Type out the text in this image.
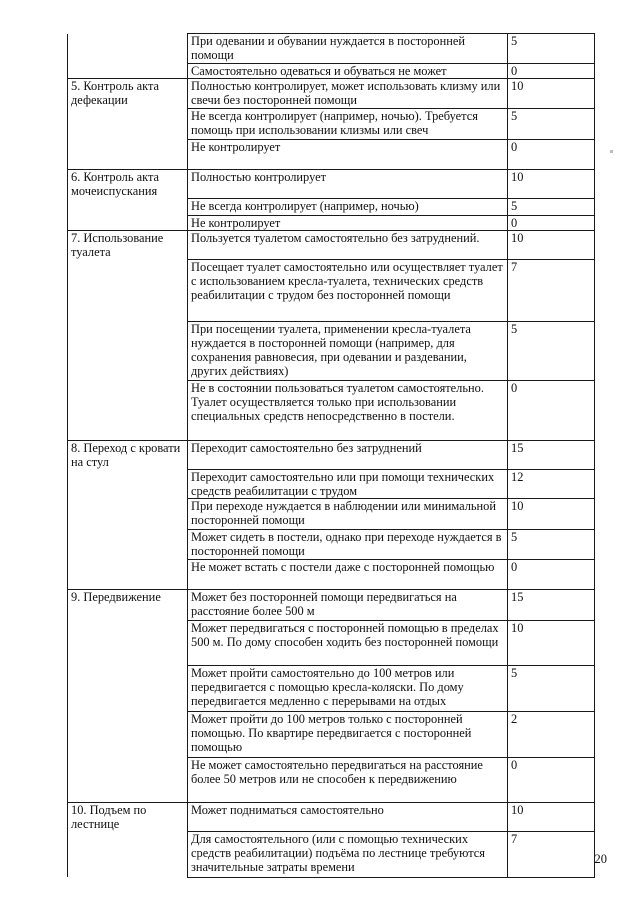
	При одевании и обувании нуждается в посторонней помощи	5
	Самостоятельно одеваться и обуваться не может	0
5. Контроль акта дефекации	Полностью контролирует, может использовать клизму или свечи без посторонней помощи	10
	Не всегда контролирует (например, ночью). Требуется помощь при использовании клизмы или свеч	5
	Не контролирует	0
6. Контроль акта мочеиспускания	Полностью контролирует	10
	Не всегда контролирует (например, ночью)	5
	Не контролирует	0
7. Использование туалета	Пользуется туалетом самостоятельно без затруднений.	10
	Посещает туалет самостоятельно или осуществляет туалет с использованием кресла-туалета, технических средств реабилитации с трудом без посторонней помощи	7
	При посещении туалета, применении кресла-туалета нуждается в посторонней помощи (например, для сохранения равновесия, при одевании и раздевании, других действиях)	5
	Не в состоянии пользоваться туалетом самостоятельно. Туалет осуществляется только при использовании специальных средств непосредственно в постели.	0
8. Переход с кровати на стул	Переходит самостоятельно без затруднений	15
	Переходит самостоятельно или при помощи технических средств реабилитации с трудом	12
	При переходе нуждается в наблюдении или минимальной посторонней помощи	10
	Может сидеть в постели, однако при переходе нуждается в посторонней помощи	5
	Не может встать с постели даже с посторонней помощью	0
9. Передвижение	Может без посторонней помощи передвигаться на расстояние более 500 м	15
	Может передвигаться с посторонней помощью в пределах 500 м. По дому способен ходить без посторонней помощи	10
	Может пройти самостоятельно до 100 метров или передвигается с помощью кресла-коляски. По дому передвигается медленно с перерывами на отдых	5
	Может пройти до 100 метров только с посторонней помощью. По квартире передвигается с посторонней помощью	2
	Не может самостоятельно передвигаться на расстояние более 50 метров или не способен к передвижению	0
10. Подъем по лестнице	Может подниматься самостоятельно	10
	Для самостоятельного (или с помощью технических средств реабилитации) подъёма по лестнице требуются значительные затраты времени	7
20
